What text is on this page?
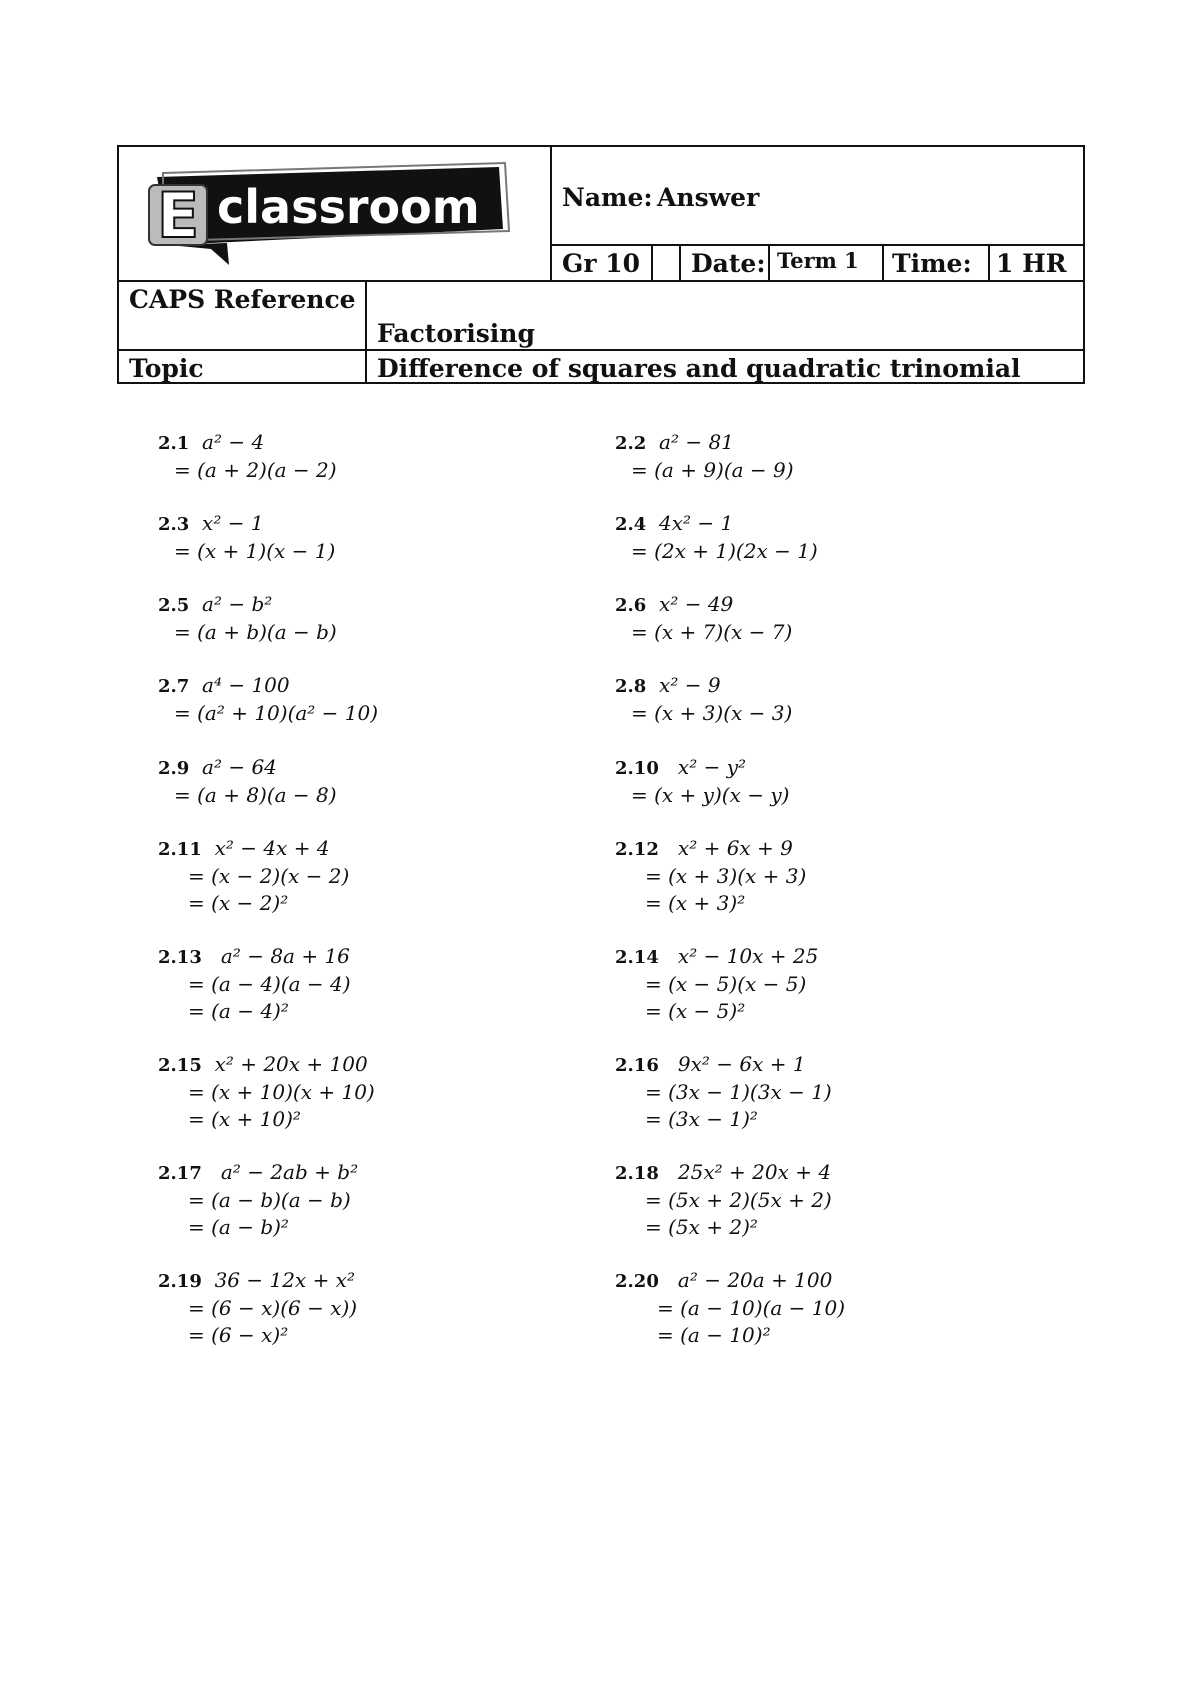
E classroom	Name: Answer
Gr 10 Date: Term 1 Time: 1 HR
CAPS Reference
Factorising
Topic	Difference of squares and quadratic trinomial
2.1 a² − 4
= (a + 2)(a − 2)
2.3 x² − 1
= (x + 1)(x − 1)
2.5 a² − b²
= (a + b)(a − b)
2.7 a⁴ − 100
= (a² + 10)(a² − 10)
2.9 a² − 64
= (a + 8)(a − 8)
2.11 x² − 4x + 4
= (x − 2)(x − 2)
= (x − 2)²
2.13 a² − 8a + 16
= (a − 4)(a − 4)
= (a − 4)²
2.15 x² + 20x + 100
= (x + 10)(x + 10)
= (x + 10)²
2.17 a² − 2ab + b²
= (a − b)(a − b)
= (a − b)²
2.19 36 − 12x + x²
= (6 − x)(6 − x))
= (6 − x)²
2.2 a² − 81
= (a + 9)(a − 9)
2.4 4x² − 1
= (2x + 1)(2x − 1)
2.6 x² − 49
= (x + 7)(x − 7)
2.8 x² − 9
= (x + 3)(x − 3)
2.10 x² − y²
= (x + y)(x − y)
2.12 x² + 6x + 9
= (x + 3)(x + 3)
= (x + 3)²
2.14 x² − 10x + 25
= (x − 5)(x − 5)
= (x − 5)²
2.16 9x² − 6x + 1
= (3x − 1)(3x − 1)
= (3x − 1)²
2.18 25x² + 20x + 4
= (5x + 2)(5x + 2)
= (5x + 2)²
2.20 a² − 20a + 100
= (a − 10)(a − 10)
= (a − 10)²
